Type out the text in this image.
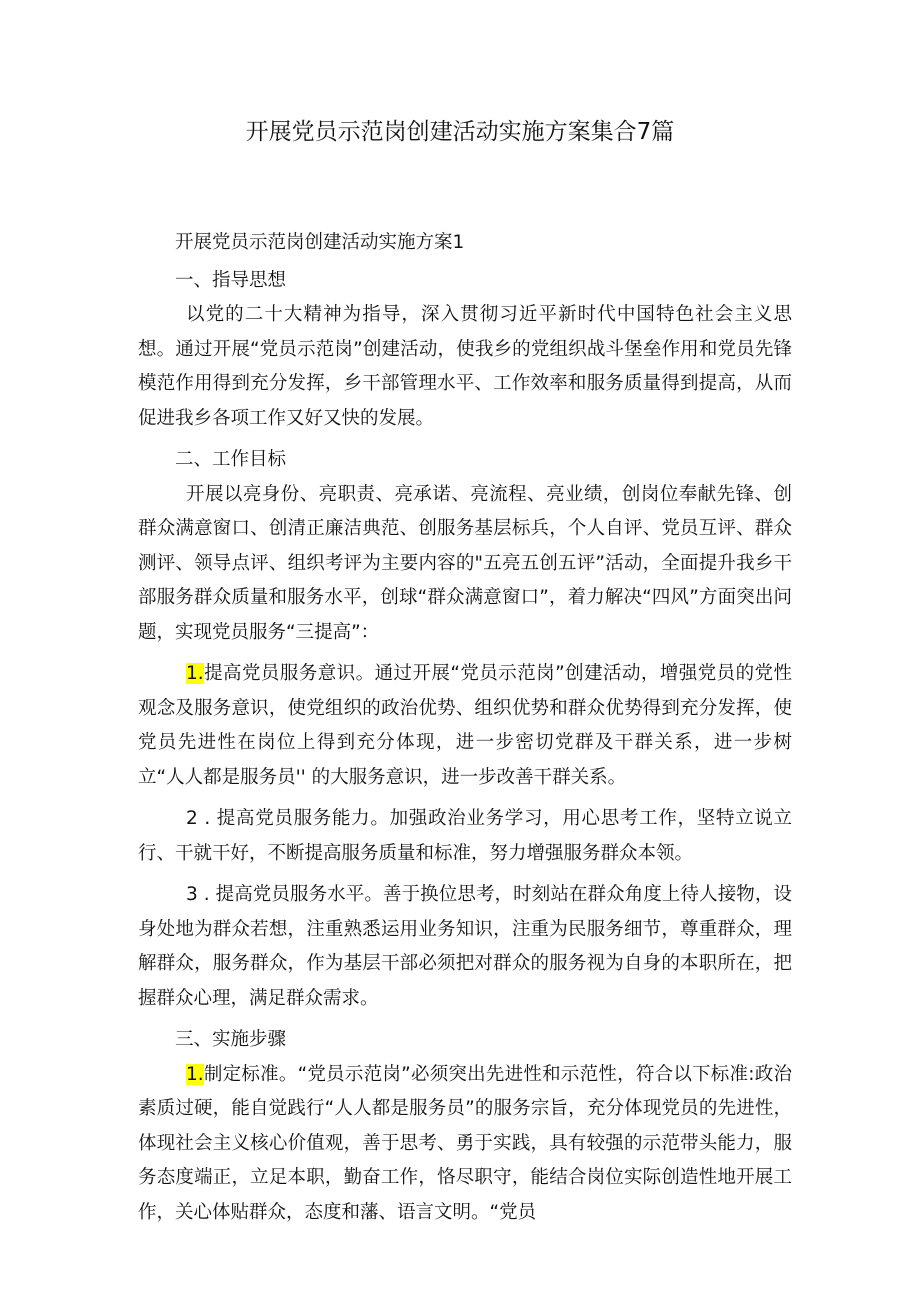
开展党员示范岗创建活动实施方案集合7篇

开展党员示范岗创建活动实施方案1

一、指导思想

以党的二十大精神为指导，深入贯彻习近平新时代中国特色社会主义思想。通过开展“党员示范岗”创建活动，使我乡的党组织战斗堡垒作用和党员先锋模范作用得到充分发挥，乡干部管理水平、工作效率和服务质量得到提高，从而促进我乡各项工作又好又快的发展。

二、工作目标

开展以亮身份、亮职责、亮承诺、亮流程、亮业绩，创岗位奉献先锋、创群众满意窗口、创清正廉洁典范、创服务基层标兵，个人自评、党员互评、群众测评、领导点评、组织考评为主要内容的"五亮五创五评”活动，全面提升我乡干部服务群众质量和服务水平，创球“群众满意窗口”，着力解决“四风”方面突出问题，实现党员服务“三提高”：

1.提高党员服务意识。通过开展“党员示范岗”创建活动，增强党员的党性观念及服务意识，使党组织的政治优势、组织优势和群众优势得到充分发挥，使党员先进性在岗位上得到充分体现，进一步密切党群及干群关系，进一步树立“人人都是服务员'' 的大服务意识，进一步改善干群关系。

2 . 提高党员服务能力。加强政治业务学习，用心思考工作，坚特立说立行、干就干好，不断提高服务质量和标准，努力增强服务群众本领。

3 . 提高党员服务水平。善于换位思考，时刻站在群众角度上待人接物，设身处地为群众若想，注重熟悉运用业务知识，注重为民服务细节，尊重群众，理解群众，服务群众，作为基层干部必须把对群众的服务视为自身的本职所在，把握群众心理，满足群众需求。

三、实施步骤

1.制定标准。“党员示范岗”必须突出先进性和示范性，符合以下标准:政治素质过硬，能自觉践行“人人都是服务员”的服务宗旨，充分体现党员的先进性，体现社会主义核心价值观，善于思考、勇于实践，具有较强的示范带头能力，服务态度端正，立足本职，勤奋工作，恪尽职守，能结合岗位实际创造性地开展工作，关心体贴群众，态度和藩、语言文明。“党员
